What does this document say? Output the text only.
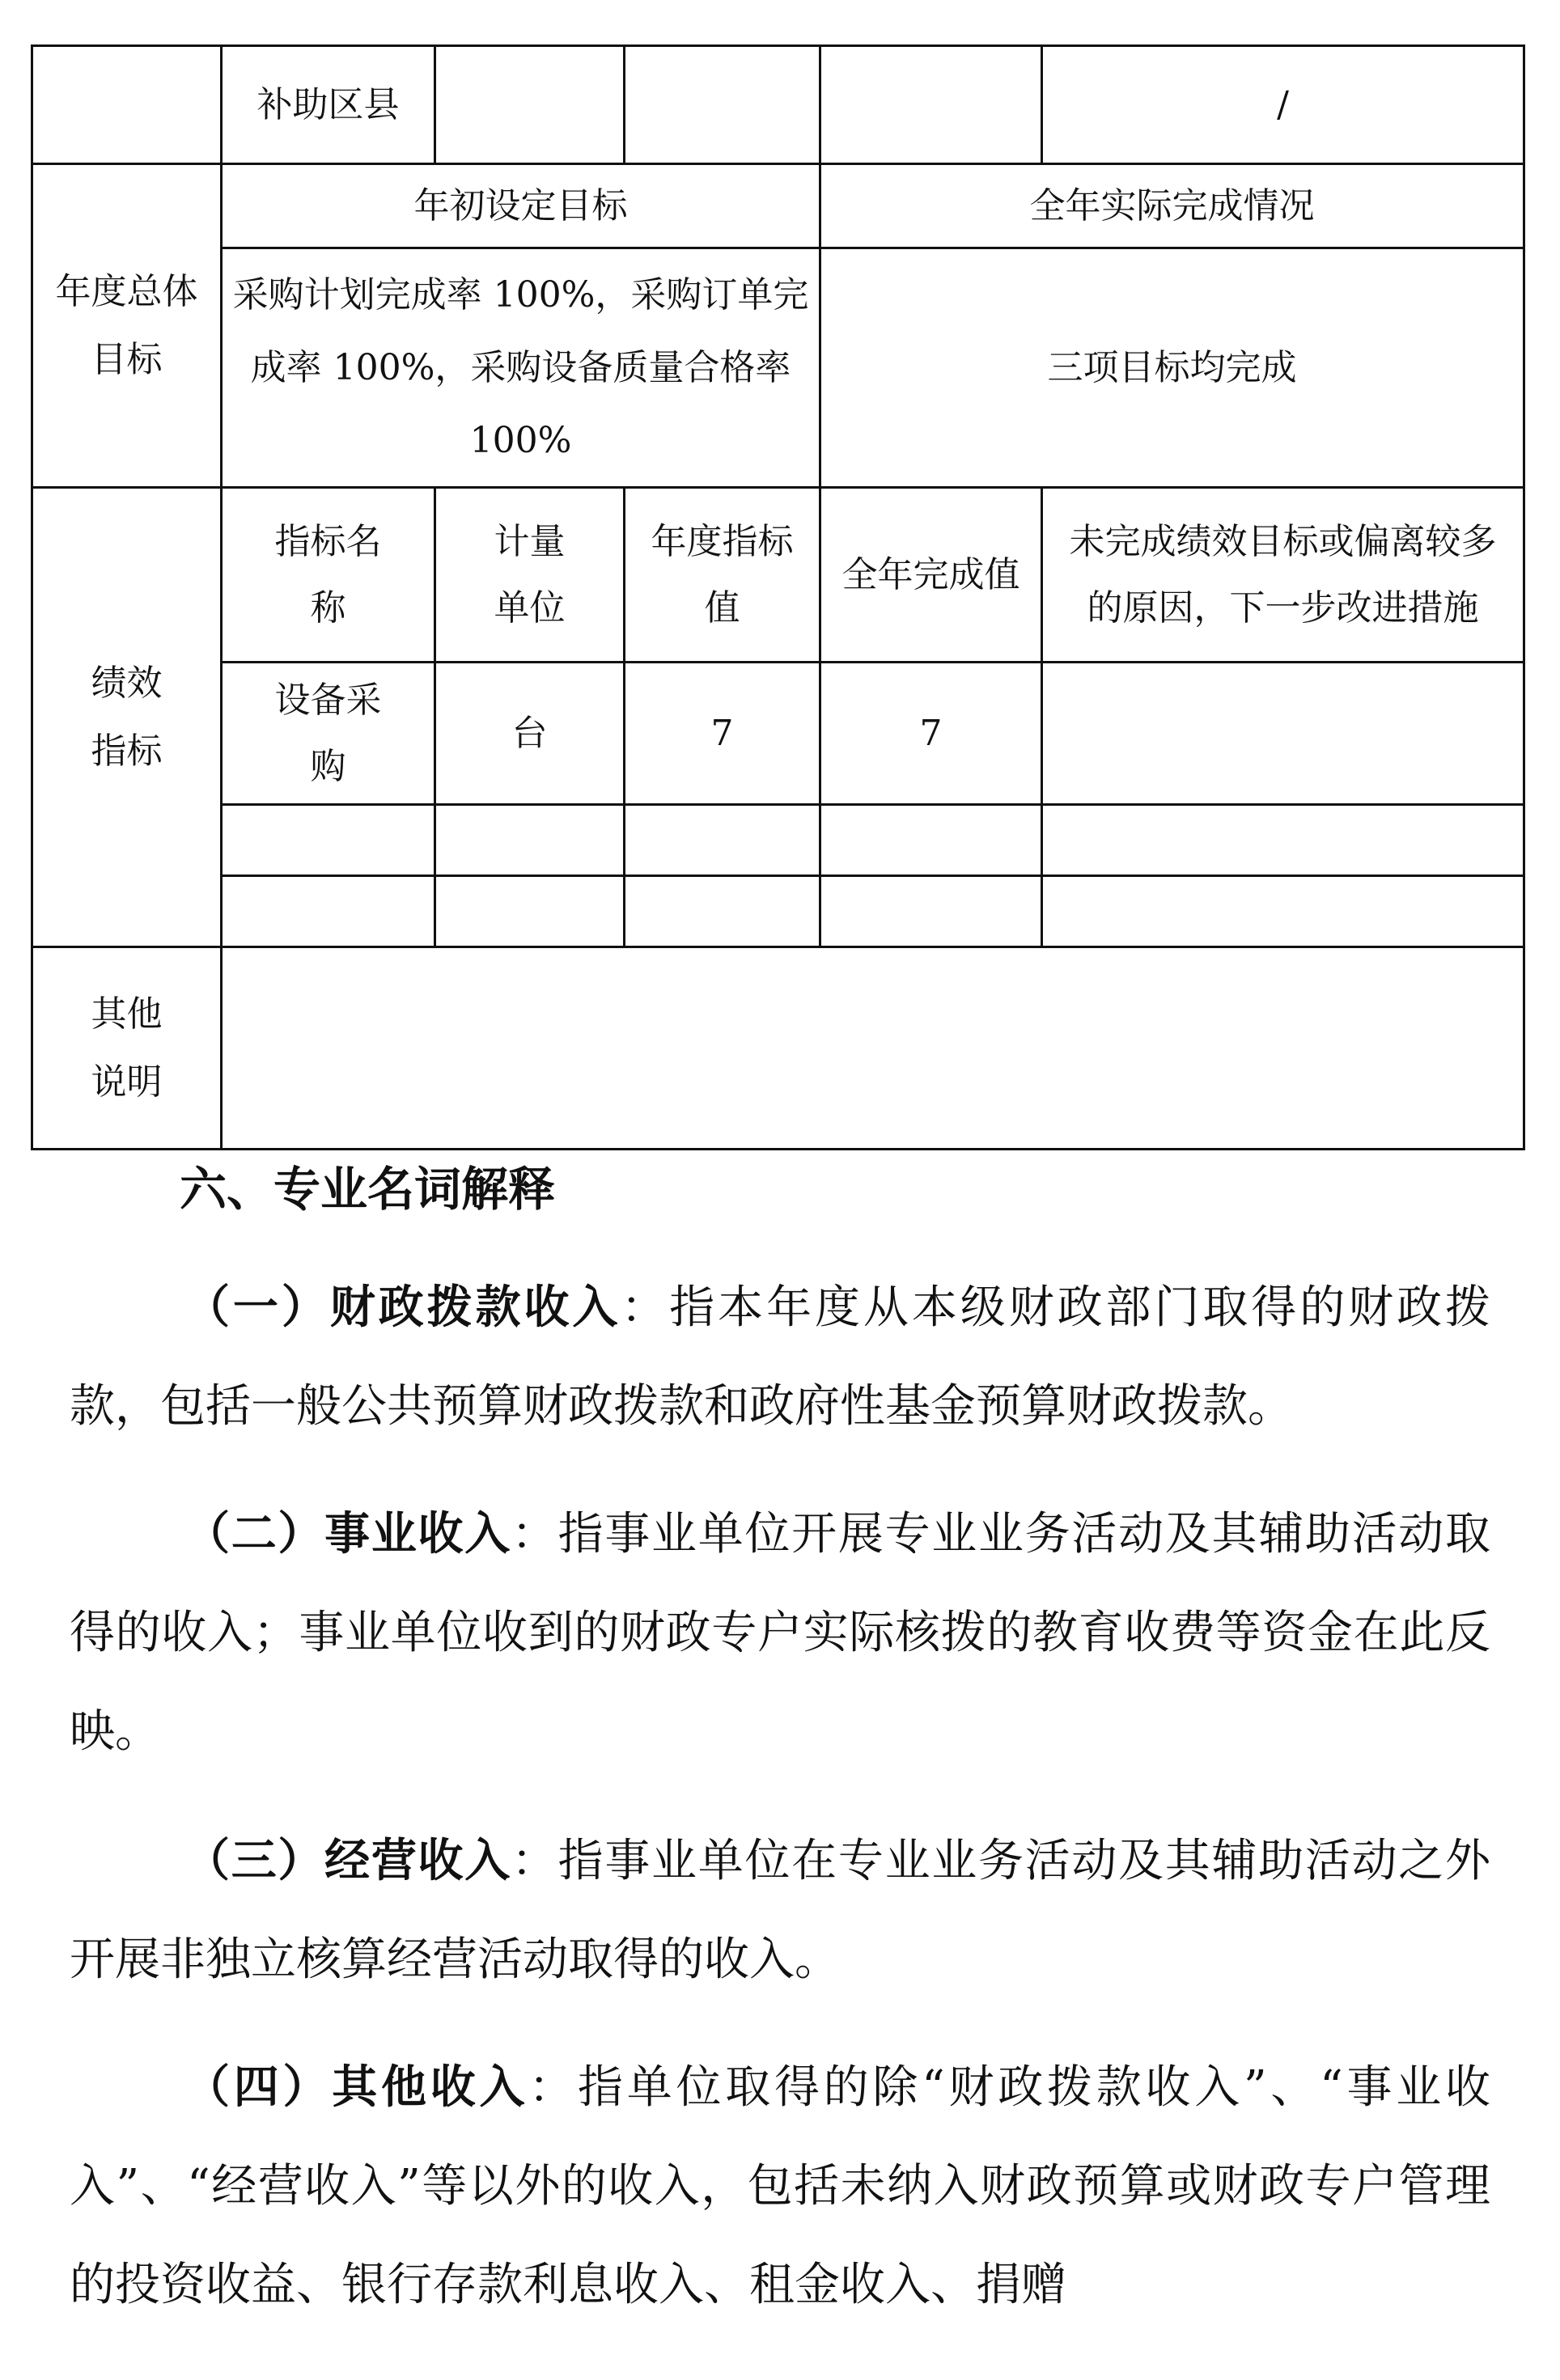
	补助区县				/
年度总体目标	年初设定目标			全年实际完成情况	
	采购计划完成率 100%，采购订单完成率 100%，采购设备质量合格率 100%			三项目标均完成	
绩效指标	指标名称	计量单位	年度指标值	全年完成值	未完成绩效目标或偏离较多的原因，下一步改进措施
	设备采购	台	7	7	

其他说明					
六、专业名词解释

（一）财政拨款收入：指本年度从本级财政部门取得的财政拨款，包括一般公共预算财政拨款和政府性基金预算财政拨款。

（二）事业收入：指事业单位开展专业业务活动及其辅助活动取得的收入；事业单位收到的财政专户实际核拨的教育收费等资金在此反映。

（三）经营收入：指事业单位在专业业务活动及其辅助活动之外开展非独立核算经营活动取得的收入。

（四）其他收入：指单位取得的除“财政拨款收入”、“事业收入”、“经营收入”等以外的收入，包括未纳入财政预算或财政专户管理的投资收益、银行存款利息收入、租金收入、捐赠
